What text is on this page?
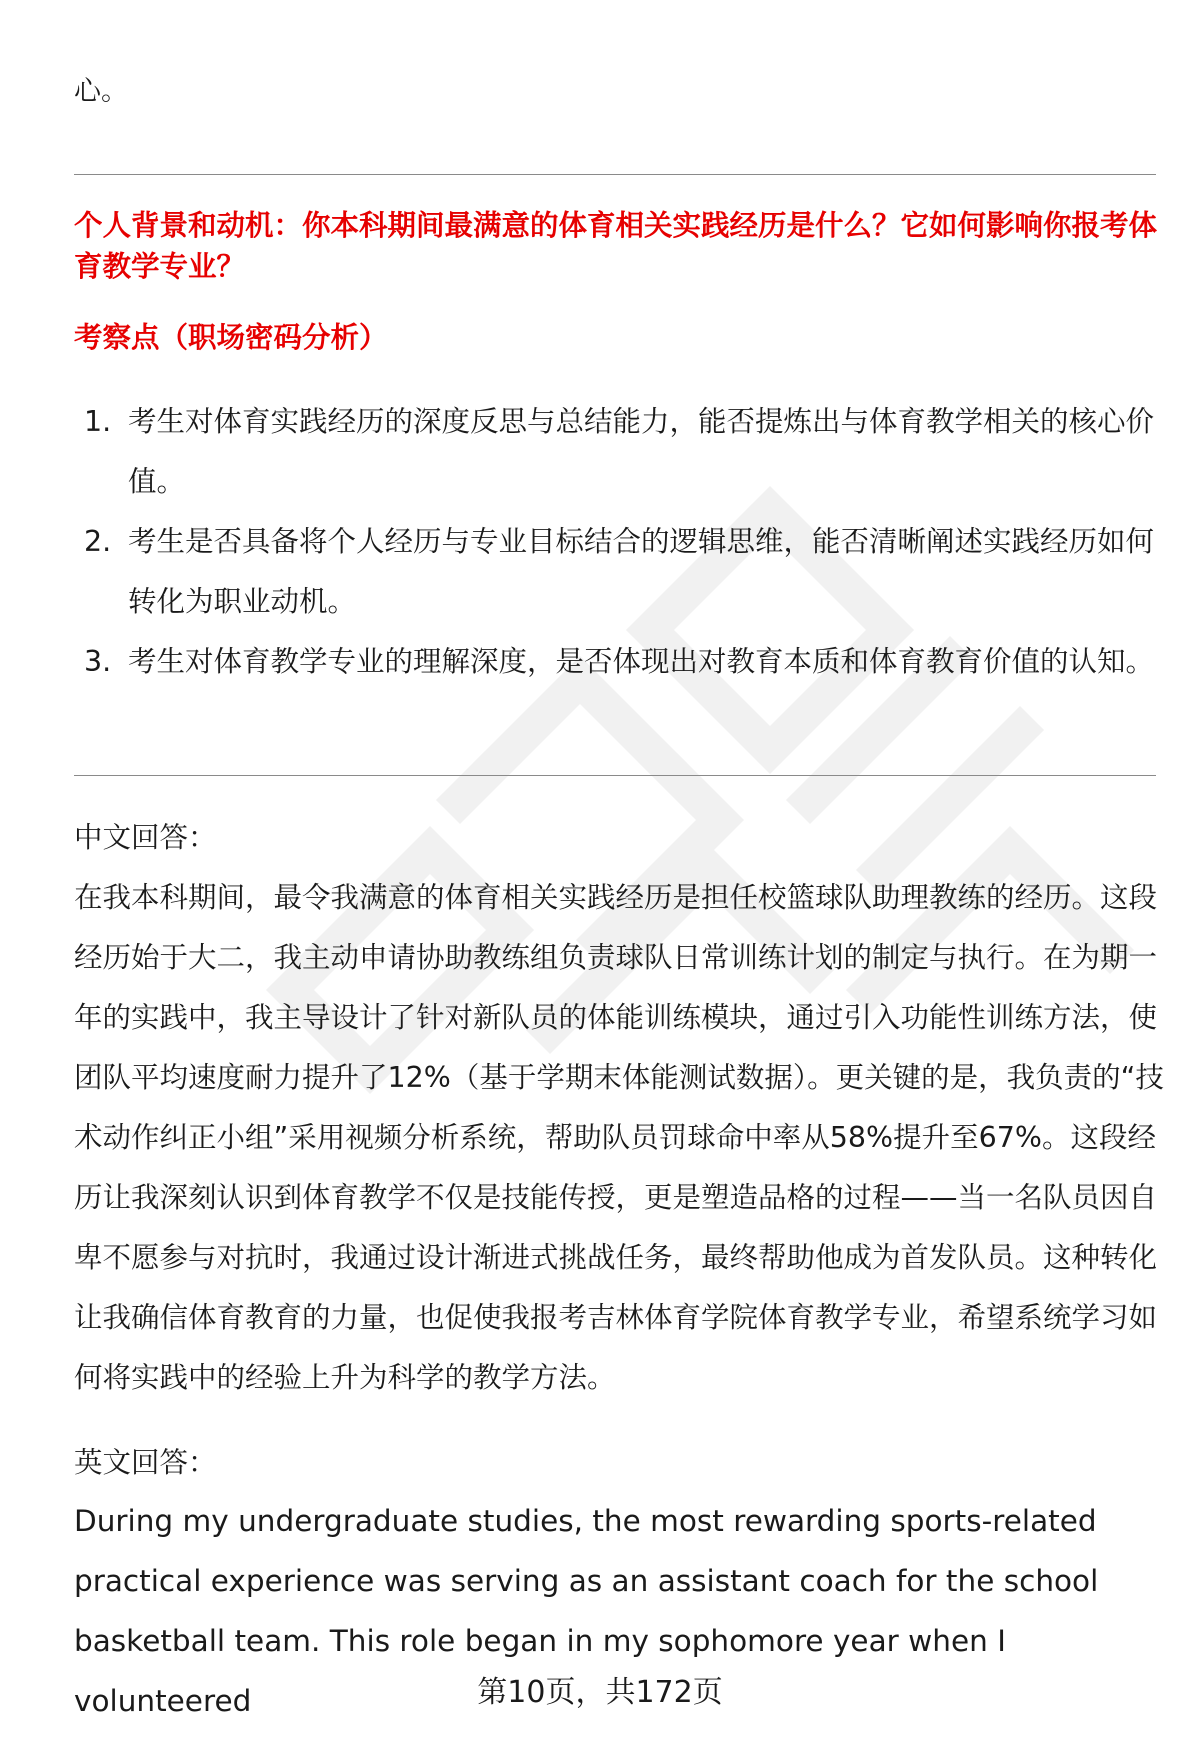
心。
个人背景和动机：你本科期间最满意的体育相关实践经历是什么？它如何影响你报考体育教学专业？
考察点（职场密码分析）
1. 考生对体育实践经历的深度反思与总结能力，能否提炼出与体育教学相关的核心价值。
2. 考生是否具备将个人经历与专业目标结合的逻辑思维，能否清晰阐述实践经历如何转化为职业动机。
3. 考生对体育教学专业的理解深度，是否体现出对教育本质和体育教育价值的认知。
中文回答：

在我本科期间，最令我满意的体育相关实践经历是担任校篮球队助理教练的经历。这段经历始于大二，我主动申请协助教练组负责球队日常训练计划的制定与执行。在为期一年的实践中，我主导设计了针对新队员的体能训练模块，通过引入功能性训练方法，使团队平均速度耐力提升了12%（基于学期末体能测试数据）。更关键的是，我负责的“技术动作纠正小组”采用视频分析系统，帮助队员罚球命中率从58%提升至67%。这段经历让我深刻认识到体育教学不仅是技能传授，更是塑造品格的过程——当一名队员因自卑不愿参与对抗时，我通过设计渐进式挑战任务，最终帮助他成为首发队员。这种转化让我确信体育教育的力量，也促使我报考吉林体育学院体育教学专业，希望系统学习如何将实践中的经验上升为科学的教学方法。

英文回答：

During my undergraduate studies, the most rewarding sports-related practical experience was serving as an assistant coach for the school basketball team. This role began in my sophomore year when I volunteered	第10页，共172页
